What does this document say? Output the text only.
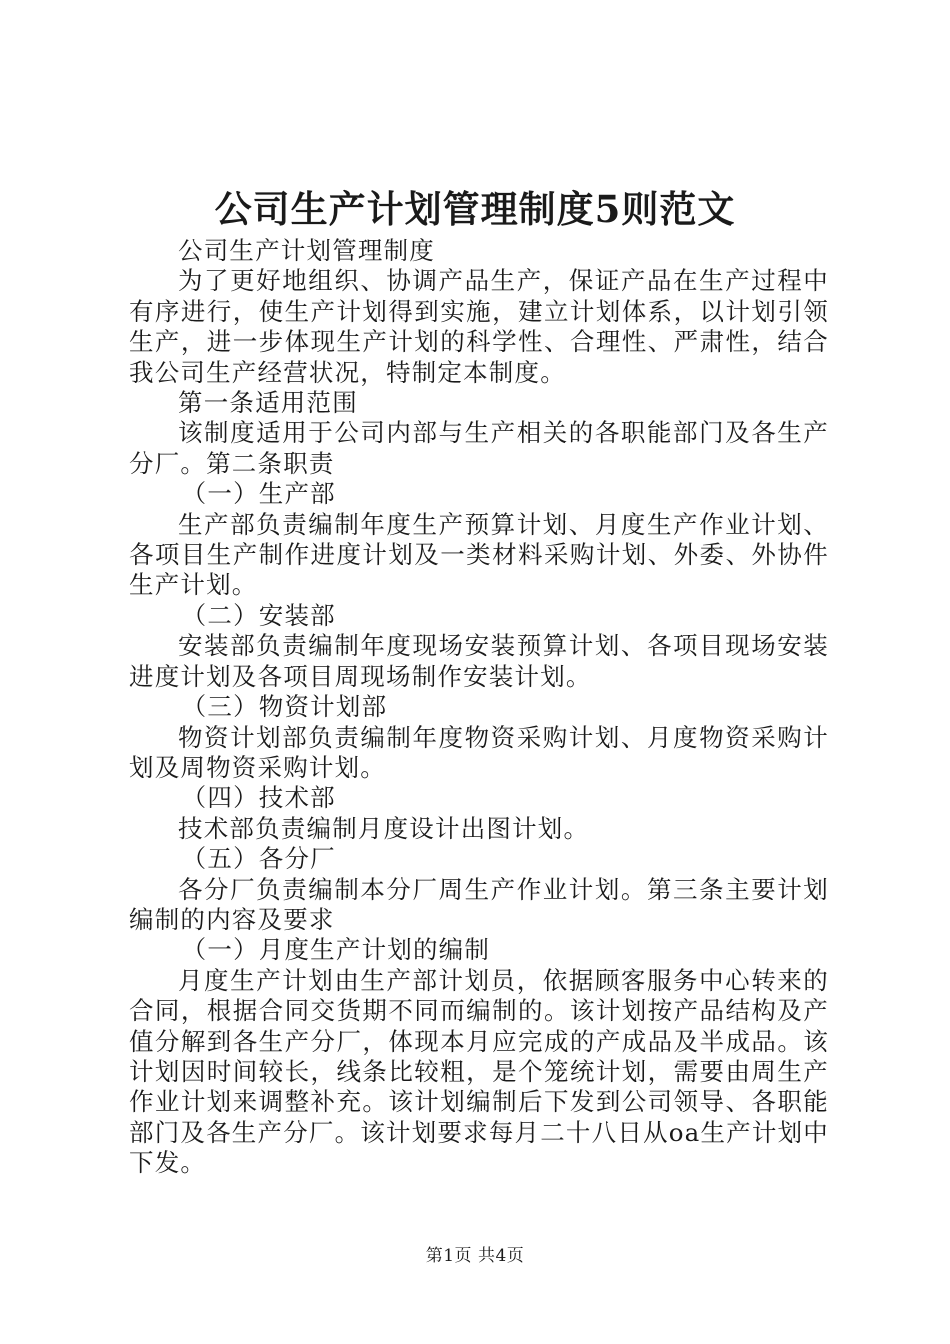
公司生产计划管理制度5则范文

公司生产计划管理制度

为了更好地组织、协调产品生产，保证产品在生产过程中有序进行，使生产计划得到实施，建立计划体系，以计划引领生产，进一步体现生产计划的科学性、合理性、严肃性，结合我公司生产经营状况，特制定本制度。

第一条适用范围

该制度适用于公司内部与生产相关的各职能部门及各生产分厂。第二条职责

（一）生产部

生产部负责编制年度生产预算计划、月度生产作业计划、各项目生产制作进度计划及一类材料采购计划、外委、外协件生产计划。

（二）安装部

安装部负责编制年度现场安装预算计划、各项目现场安装进度计划及各项目周现场制作安装计划。

（三）物资计划部

物资计划部负责编制年度物资采购计划、月度物资采购计划及周物资采购计划。

（四）技术部

技术部负责编制月度设计出图计划。

（五）各分厂

各分厂负责编制本分厂周生产作业计划。第三条主要计划编制的内容及要求

（一）月度生产计划的编制

月度生产计划由生产部计划员，依据顾客服务中心转来的合同，根据合同交货期不同而编制的。该计划按产品结构及产值分解到各生产分厂，体现本月应完成的产成品及半成品。该计划因时间较长，线条比较粗，是个笼统计划，需要由周生产作业计划来调整补充。该计划编制后下发到公司领导、各职能部门及各生产分厂。该计划要求每月二十八日从oa生产计划中下发。

第1页 共4页
